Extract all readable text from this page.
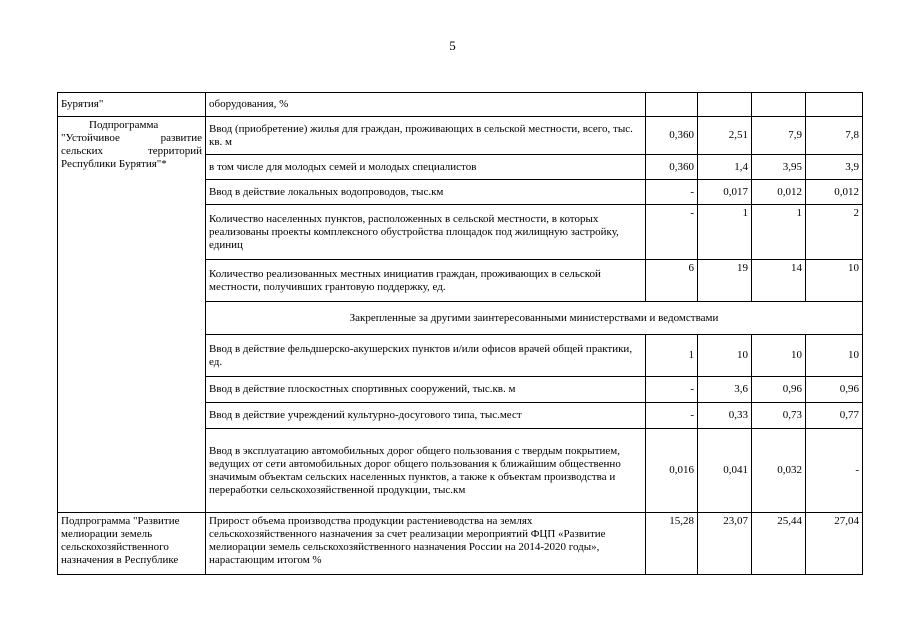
5
Бурятия"	оборудования, %				
Подпрограмма "Устойчивое развитие сельских территорий Республики Бурятия"*	Ввод (приобретение) жилья для граждан, проживающих в сельской местности, всего, тыс. кв. м	0,360	2,51	7,9	7,8
	в том числе для молодых семей и молодых специалистов	0,360	1,4	3,95	3,9
	Ввод в действие локальных водопроводов, тыс.км	-	0,017	0,012	0,012
	Количество населенных пунктов, расположенных в сельской местности, в которых реализованы проекты комплексного обустройства площадок под жилищную застройку, единиц	-	1	1	2
	Количество реализованных местных инициатив граждан, проживающих в сельской местности, получивших грантовую поддержку, ед.	6	19	14	10
	Закрепленные за другими заинтересованными министерствами и ведомствами				
	Ввод в действие фельдшерско-акушерских пунктов и/или офисов врачей общей практики, ед.	1	10	10	10
	Ввод в действие плоскостных спортивных сооружений, тыс.кв. м	-	3,6	0,96	0,96
	Ввод в действие учреждений культурно-досугового типа, тыс.мест	-	0,33	0,73	0,77
	Ввод в эксплуатацию автомобильных дорог общего пользования с твердым покрытием, ведущих от сети автомобильных дорог общего пользования к ближайшим общественно значимым объектам сельских населенных пунктов, а также к объектам производства и переработки сельскохозяйственной продукции, тыс.км	0,016	0,041	0,032	-
Подпрограмма "Развитие мелиорации земель сельскохозяйственного назначения в Республике	Прирост объема производства продукции растениеводства на землях сельскохозяйственного назначения за счет реализации мероприятий ФЦП «Развитие мелиорации земель сельскохозяйственного назначения России на 2014-2020 годы», нарастающим итогом %	15,28	23,07	25,44	27,04
